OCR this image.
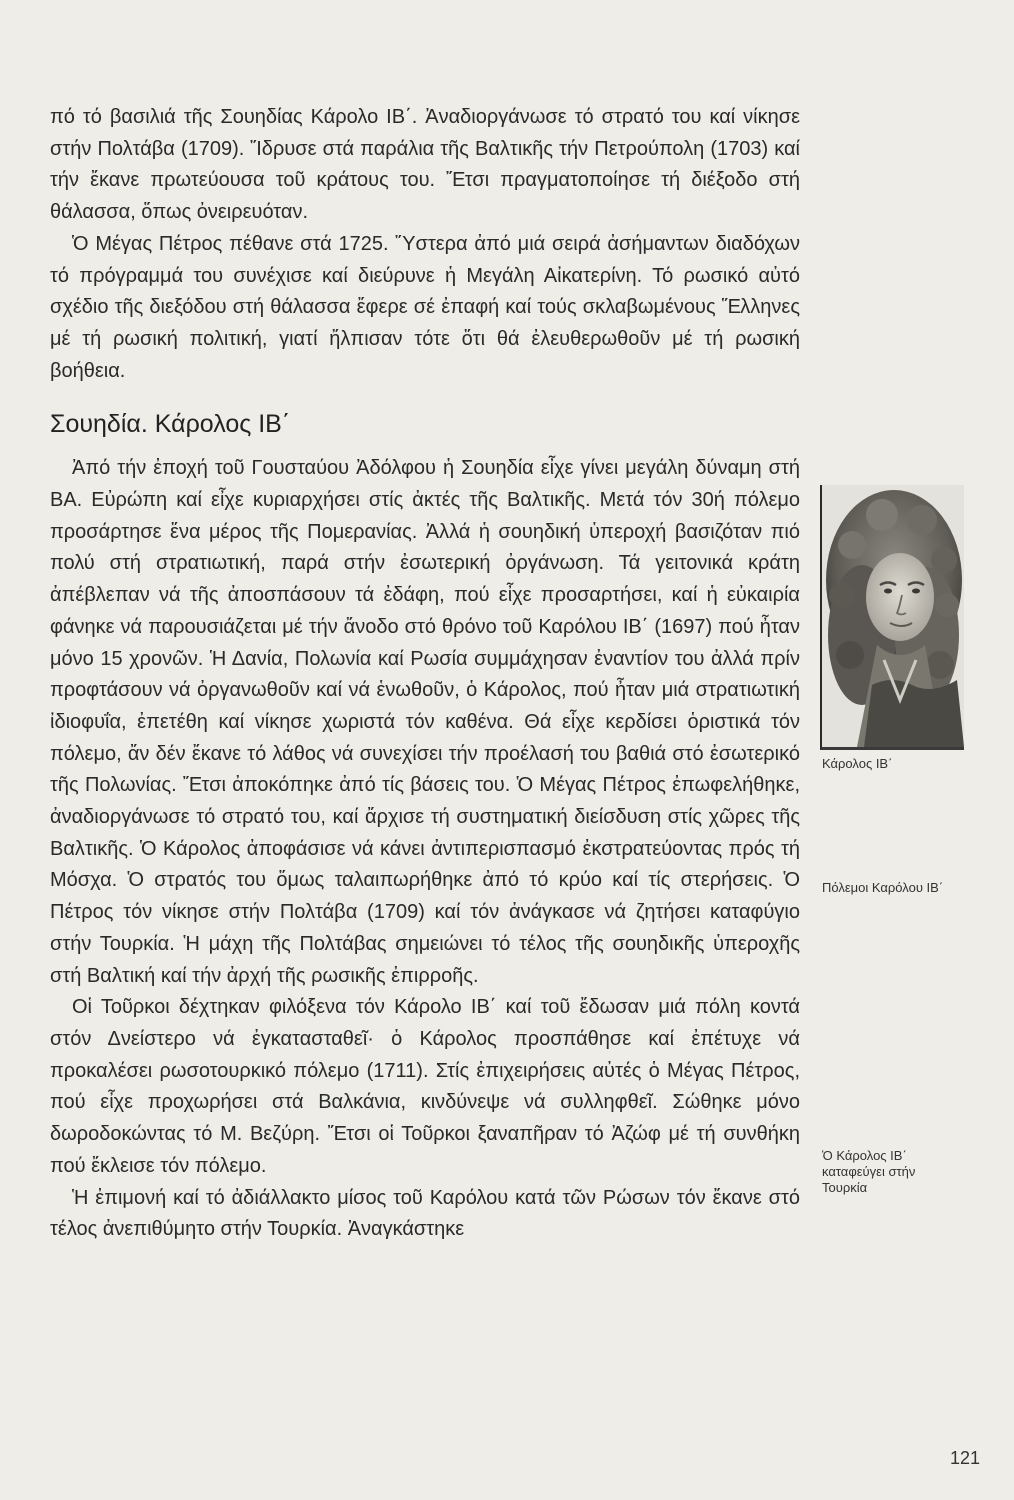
πό τό βασιλιά τῆς Σουηδίας Κάρολο ΙΒ΄. Ἀναδιοργάνωσε τό στρατό του καί νίκησε στήν Πολτάβα (1709). Ἵδρυσε στά παράλια τῆς Βαλτικῆς τήν Πετρούπολη (1703) καί τήν ἔκανε πρωτεύουσα τοῦ κράτους του. Ἔτσι πραγματοποίησε τή διέξοδο στή θάλασσα, ὅπως ὀνειρευόταν.

Ὁ Μέγας Πέτρος πέθανε στά 1725. Ὕστερα ἀπό μιά σειρά ἀσήμαντων διαδόχων τό πρόγραμμά του συνέχισε καί διεύρυνε ἡ Μεγάλη Αἰκατερίνη. Τό ρωσικό αὐτό σχέδιο τῆς διεξόδου στή θάλασσα ἔφερε σέ ἐπαφή καί τούς σκλαβωμένους Ἕλληνες μέ τή ρωσική πολιτική, γιατί ἤλπισαν τότε ὅτι θά ἐλευθερωθοῦν μέ τή ρωσική βοήθεια.

Σουηδία. Κάρολος ΙΒ΄

Ἀπό τήν ἐποχή τοῦ Γουσταύου Ἀδόλφου ἡ Σουηδία εἶχε γίνει μεγάλη δύναμη στή ΒΑ. Εὐρώπη καί εἶχε κυριαρχήσει στίς ἀκτές τῆς Βαλτικῆς. Μετά τόν 30ή πόλεμο προσάρτησε ἕνα μέρος τῆς Πομερανίας. Ἀλλά ἡ σουηδική ὑπεροχή βασιζόταν πιό πολύ στή στρατιωτική, παρά στήν ἐσωτερική ὀργάνωση. Τά γειτονικά κράτη ἀπέβλεπαν νά τῆς ἀποσπάσουν τά ἐδάφη, πού εἶχε προσαρτήσει, καί ἡ εὐκαιρία φάνηκε νά παρουσιάζεται μέ τήν ἄνοδο στό θρόνο τοῦ Καρόλου ΙΒ΄ (1697) πού ἦταν μόνο 15 χρονῶν. Ἡ Δανία, Πολωνία καί Ρωσία συμμάχησαν ἐναντίον του ἀλλά πρίν προφτάσουν νά ὀργανωθοῦν καί νά ἑνωθοῦν, ὁ Κάρολος, πού ἦταν μιά στρατιωτική ἰδιοφυΐα, ἐπετέθη καί νίκησε χωριστά τόν καθένα. Θά εἶχε κερδίσει ὁριστικά τόν πόλεμο, ἄν δέν ἔκανε τό λάθος νά συνεχίσει τήν προέλασή του βαθιά στό ἐσωτερικό τῆς Πολωνίας. Ἔτσι ἀποκόπηκε ἀπό τίς βάσεις του. Ὁ Μέγας Πέτρος ἐπωφελήθηκε, ἀναδιοργάνωσε τό στρατό του, καί ἄρχισε τή συστηματική διείσδυση στίς χῶρες τῆς Βαλτικῆς. Ὁ Κάρολος ἀποφάσισε νά κάνει ἀντιπερισπασμό ἐκστρατεύοντας πρός τή Μόσχα. Ὁ στρατός του ὅμως ταλαιπωρήθηκε ἀπό τό κρύο καί τίς στερήσεις. Ὁ Πέτρος τόν νίκησε στήν Πολτάβα (1709) καί τόν ἀνάγκασε νά ζητήσει καταφύγιο στήν Τουρκία. Ἡ μάχη τῆς Πολτάβας σημειώνει τό τέλος τῆς σουηδικῆς ὑπεροχῆς στή Βαλτική καί τήν ἀρχή τῆς ρωσικῆς ἐπιρροῆς.

Οἱ Τοῦρκοι δέχτηκαν φιλόξενα τόν Κάρολο ΙΒ΄ καί τοῦ ἔδωσαν μιά πόλη κοντά στόν Δνείστερο νά ἐγκατασταθεῖ· ὁ Κάρολος προσπάθησε καί ἐπέτυχε νά προκαλέσει ρωσοτουρκικό πόλεμο (1711). Στίς ἐπιχειρήσεις αὐτές ὁ Μέγας Πέτρος, πού εἶχε προχωρήσει στά Βαλκάνια, κινδύνεψε νά συλληφθεῖ. Σώθηκε μόνο δωροδοκώντας τό Μ. Βεζύρη. Ἔτσι οἱ Τοῦρκοι ξαναπῆραν τό Ἀζώφ μέ τή συνθήκη πού ἔκλεισε τόν πόλεμο.

Ἡ ἐπιμονή καί τό ἀδιάλλακτο μίσος τοῦ Καρόλου κατά τῶν Ρώσων τόν ἔκανε στό τέλος ἀνεπιθύμητο στήν Τουρκία. Ἀναγκάστηκε

Κάρολος ΙΒ΄
Πόλεμοι Καρόλου ΙΒ΄
Ὁ Κάρολος ΙΒ΄
καταφεύγει στήν
Τουρκία
121
